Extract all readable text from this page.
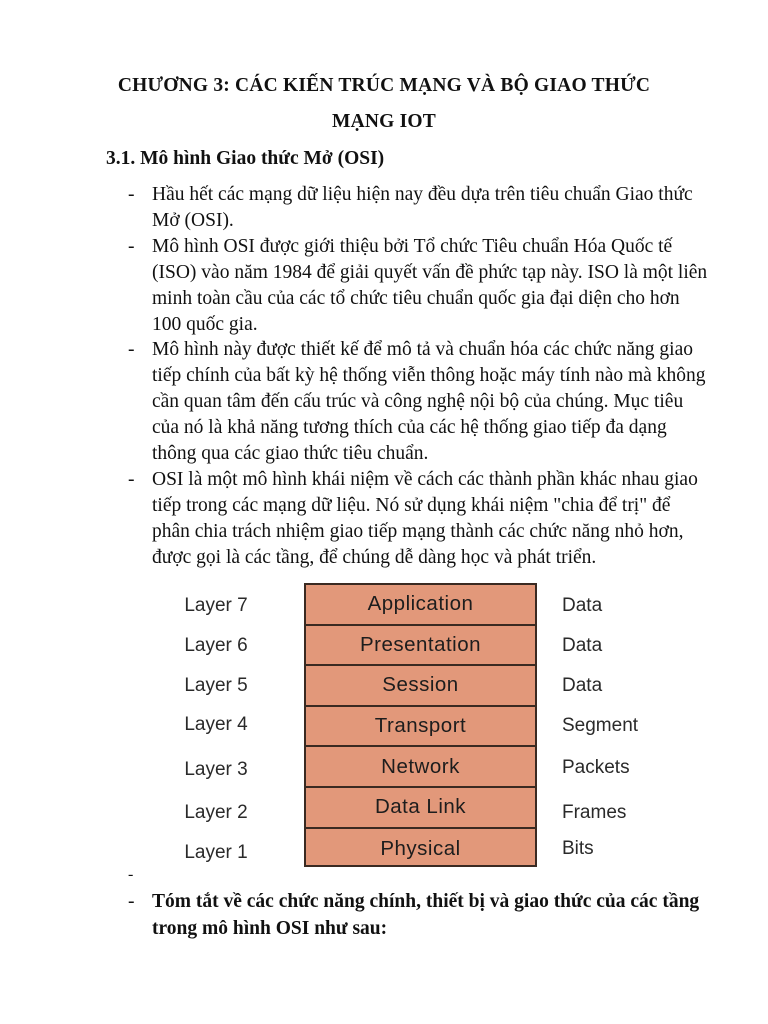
CHƯƠNG 3: CÁC KIẾN TRÚC MẠNG VÀ BỘ GIAO THỨC
MẠNG IOT
3.1. Mô hình Giao thức Mở (OSI)
- Hầu hết các mạng dữ liệu hiện nay đều dựa trên tiêu chuẩn Giao thức Mở (OSI).
- Mô hình OSI được giới thiệu bởi Tổ chức Tiêu chuẩn Hóa Quốc tế (ISO) vào năm 1984 để giải quyết vấn đề phức tạp này. ISO là một liên minh toàn cầu của các tổ chức tiêu chuẩn quốc gia đại diện cho hơn 100 quốc gia.
- Mô hình này được thiết kế để mô tả và chuẩn hóa các chức năng giao tiếp chính của bất kỳ hệ thống viễn thông hoặc máy tính nào mà không cần quan tâm đến cấu trúc và công nghệ nội bộ của chúng. Mục tiêu của nó là khả năng tương thích của các hệ thống giao tiếp đa dạng thông qua các giao thức tiêu chuẩn.
- OSI là một mô hình khái niệm về cách các thành phần khác nhau giao tiếp trong các mạng dữ liệu. Nó sử dụng khái niệm "chia để trị" để phân chia trách nhiệm giao tiếp mạng thành các chức năng nhỏ hơn, được gọi là các tầng, để chúng dễ dàng học và phát triển.
Layer 7
Layer 6
Layer 5
Layer 4
Layer 3
Layer 2
Layer 1
Application
Presentation
Session
Transport
Network
Data Link
Physical
Data
Data
Data
Segment
Packets
Frames
Bits
-
- Tóm tắt về các chức năng chính, thiết bị và giao thức của các tầng trong mô hình OSI như sau:
